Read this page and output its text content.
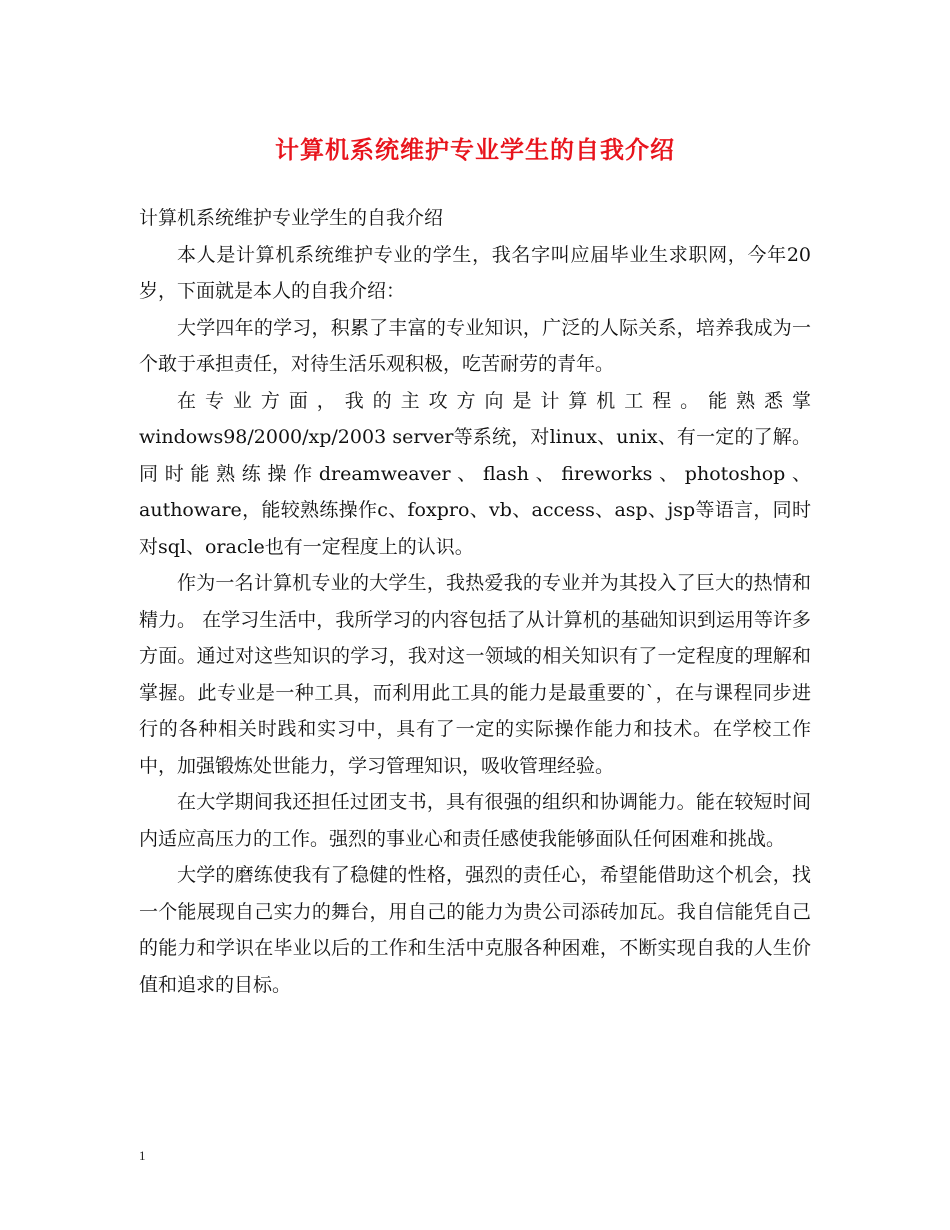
计算机系统维护专业学生的自我介绍

计算机系统维护专业学生的自我介绍

本人是计算机系统维护专业的学生，我名字叫应届毕业生求职网，今年20岁，下面就是本人的自我介绍：

大学四年的学习，积累了丰富的专业知识，广泛的人际关系，培养我成为一个敢于承担责任，对待生活乐观积极，吃苦耐劳的青年。

在专业方面，我的主攻方向是计算机工程。能熟悉掌windows98/2000/xp/2003 server等系统，对linux、unix、有一定的了解。同时能熟练操作dreamweaver、flash、fireworks、photoshop、authoware，能较熟练操作c、foxpro、vb、access、asp、jsp等语言，同时对sql、oracle也有一定程度上的认识。

作为一名计算机专业的大学生，我热爱我的专业并为其投入了巨大的热情和精力。 在学习生活中，我所学习的内容包括了从计算机的基础知识到运用等许多方面。通过对这些知识的学习，我对这一领域的相关知识有了一定程度的理解和掌握。此专业是一种工具，而利用此工具的能力是最重要的`，在与课程同步进行的各种相关时践和实习中，具有了一定的实际操作能力和技术。在学校工作中，加强锻炼处世能力，学习管理知识，吸收管理经验。

在大学期间我还担任过团支书，具有很强的组织和协调能力。能在较短时间内适应高压力的工作。强烈的事业心和责任感使我能够面队任何困难和挑战。

大学的磨练使我有了稳健的性格，强烈的责任心，希望能借助这个机会，找一个能展现自己实力的舞台，用自己的能力为贵公司添砖加瓦。我自信能凭自己的能力和学识在毕业以后的工作和生活中克服各种困难，不断实现自我的人生价值和追求的目标。

1
